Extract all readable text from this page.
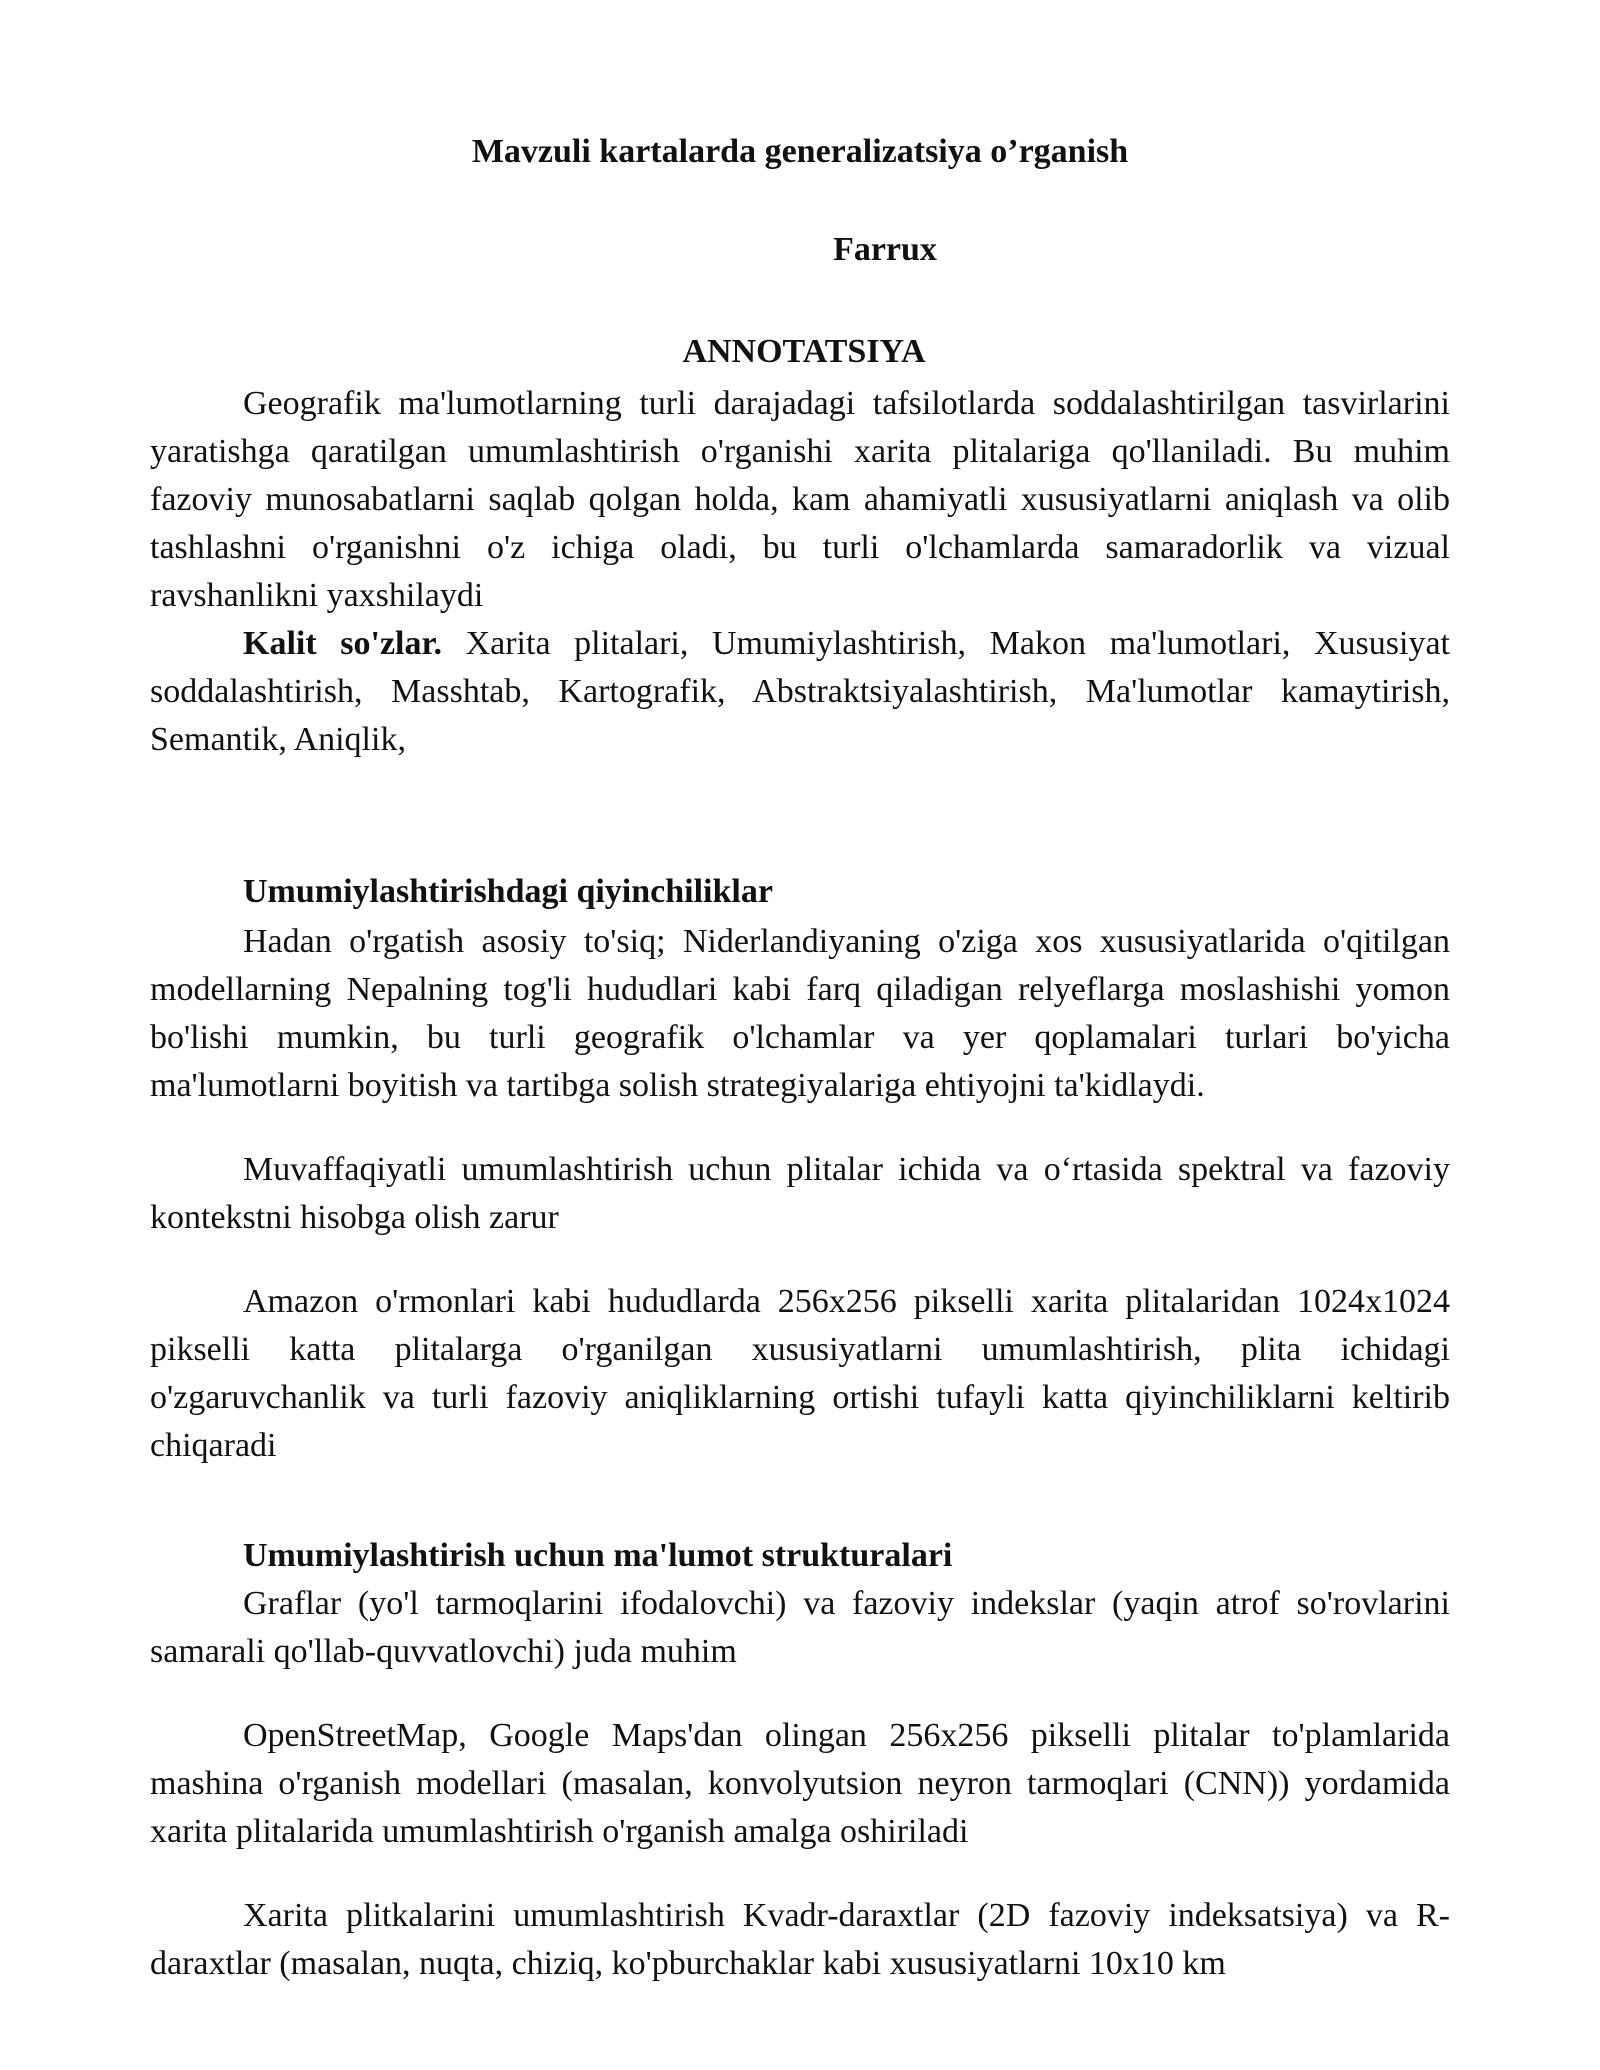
Mavzuli kartalarda generalizatsiya o’rganish
Farrux
ANNOTATSIYA

Geografik ma'lumotlarning turli darajadagi tafsilotlarda soddalashtirilgan tasvirlarini yaratishga qaratilgan umumlashtirish o'rganishi xarita plitalariga qo'llaniladi. Bu muhim fazoviy munosabatlarni saqlab qolgan holda, kam ahamiyatli xususiyatlarni aniqlash va olib tashlashni o'rganishni o'z ichiga oladi, bu turli o'lchamlarda samaradorlik va vizual ravshanlikni yaxshilaydi

Kalit so'zlar. Xarita plitalari, Umumiylashtirish, Makon ma'lumotlari, Xususiyat soddalashtirish, Masshtab, Kartografik, Abstraktsiyalashtirish, Ma'lumotlar kamaytirish, Semantik, Aniqlik,

Umumiylashtirishdagi qiyinchiliklar

Hadan o'rgatish asosiy to'siq; Niderlandiyaning o'ziga xos xususiyatlarida o'qitilgan modellarning Nepalning tog'li hududlari kabi farq qiladigan relyeflarga moslashishi yomon bo'lishi mumkin, bu turli geografik o'lchamlar va yer qoplamalari turlari bo'yicha ma'lumotlarni boyitish va tartibga solish strategiyalariga ehtiyojni ta'kidlaydi.

Muvaffaqiyatli umumlashtirish uchun plitalar ichida va o‘rtasida spektral va fazoviy kontekstni hisobga olish zarur

Amazon o'rmonlari kabi hududlarda 256x256 pikselli xarita plitalaridan 1024x1024 pikselli katta plitalarga o'rganilgan xususiyatlarni umumlashtirish, plita ichidagi o'zgaruvchanlik va turli fazoviy aniqliklarning ortishi tufayli katta qiyinchiliklarni keltirib chiqaradi

Umumiylashtirish uchun ma'lumot strukturalari

Graflar (yo'l tarmoqlarini ifodalovchi) va fazoviy indekslar (yaqin atrof so'rovlarini samarali qo'llab-quvvatlovchi) juda muhim

OpenStreetMap, Google Maps'dan olingan 256x256 pikselli plitalar to'plamlarida mashina o'rganish modellari (masalan, konvolyutsion neyron tarmoqlari (CNN)) yordamida xarita plitalarida umumlashtirish o'rganish amalga oshiriladi

Xarita plitkalarini umumlashtirish Kvadr-daraxtlar (2D fazoviy indeksatsiya) va R-daraxtlar (masalan, nuqta, chiziq, ko'pburchaklar kabi xususiyatlarni 10x10 km
